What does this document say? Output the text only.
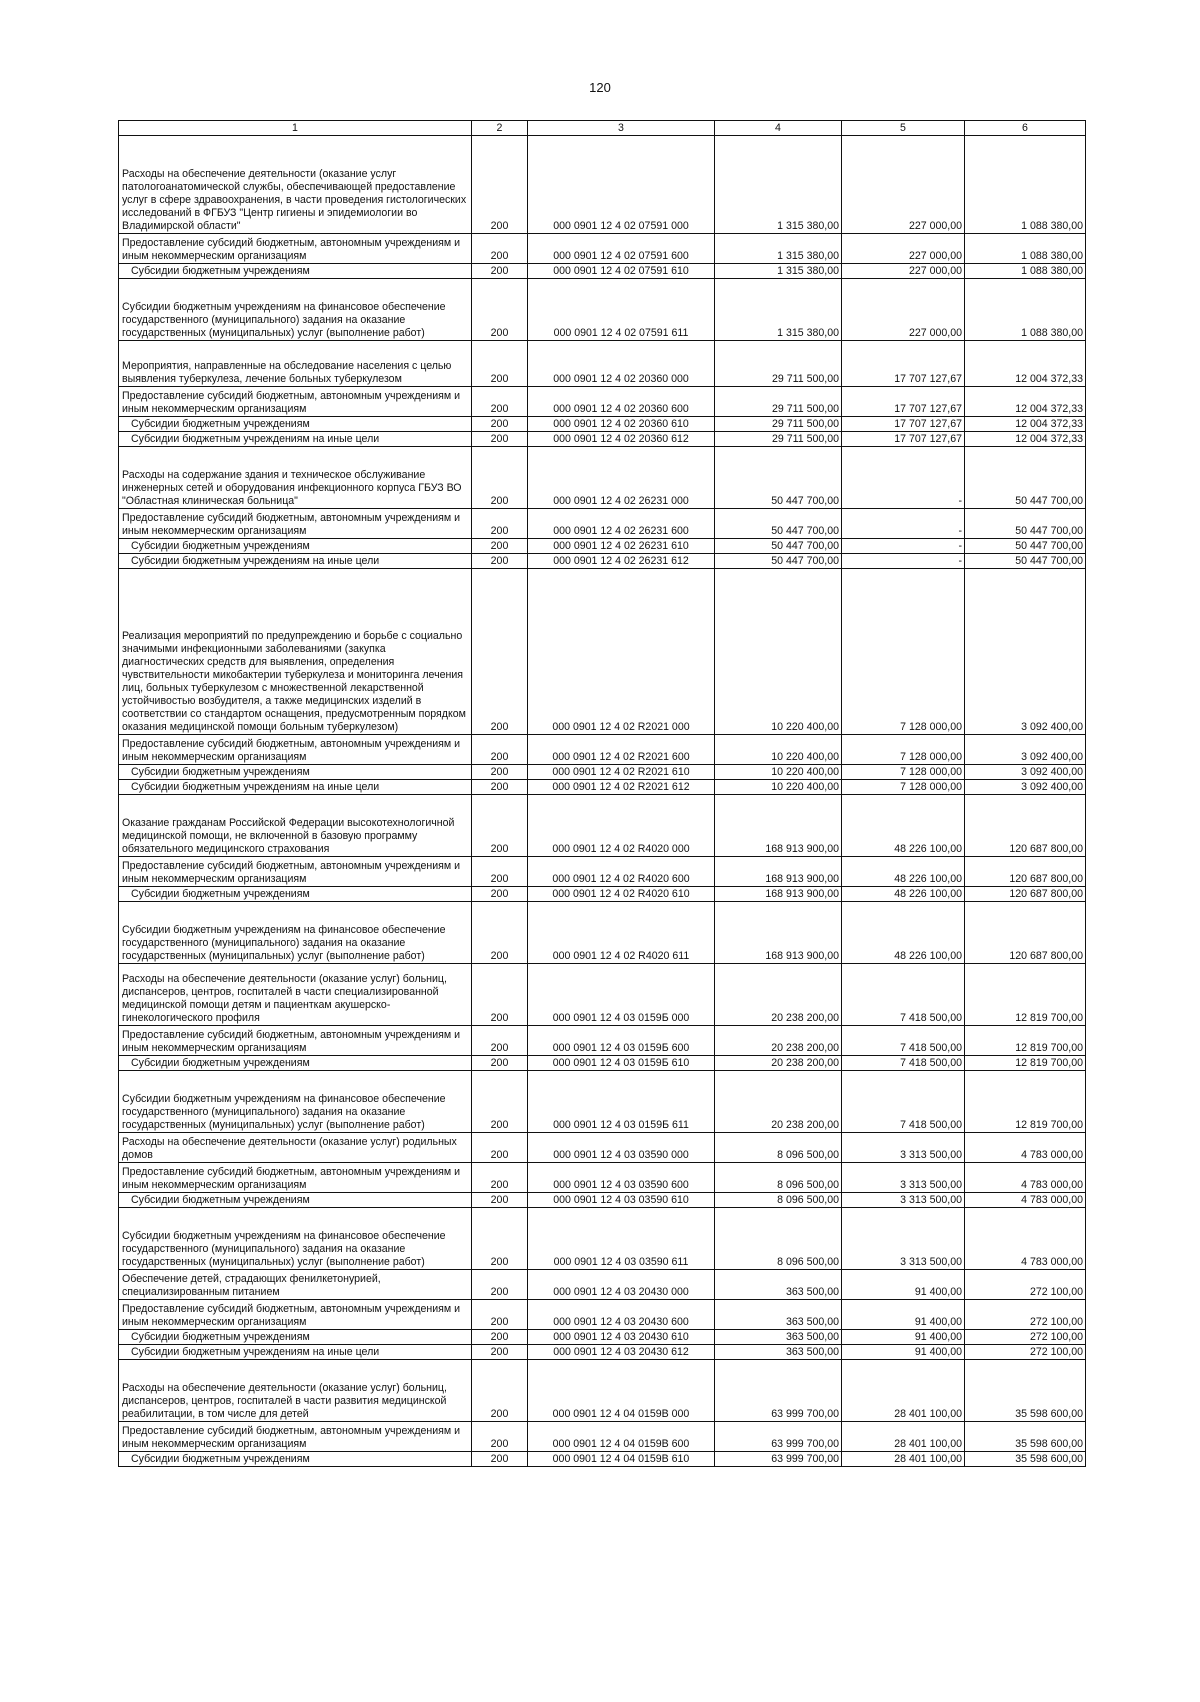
120
1	2	3	4	5	6
Расходы на обеспечение деятельности (оказание услуг патологоанатомической службы, обеспечивающей предоставление услуг в сфере здравоохранения, в части проведения гистологических исследований в ФГБУЗ "Центр гигиены и эпидемиологии во Владимирской области"	200	000 0901 12 4 02 07591 000	1 315 380,00	227 000,00	1 088 380,00
Предоставление субсидий бюджетным, автономным учреждениям и иным некоммерческим организациям	200	000 0901 12 4 02 07591 600	1 315 380,00	227 000,00	1 088 380,00
Субсидии бюджетным учреждениям	200	000 0901 12 4 02 07591 610	1 315 380,00	227 000,00	1 088 380,00
Субсидии бюджетным учреждениям на финансовое обеспечение государственного (муниципального) задания на оказание государственных (муниципальных) услуг (выполнение работ)	200	000 0901 12 4 02 07591 611	1 315 380,00	227 000,00	1 088 380,00
Мероприятия, направленные на обследование населения с целью выявления туберкулеза, лечение больных туберкулезом	200	000 0901 12 4 02 20360 000	29 711 500,00	17 707 127,67	12 004 372,33
Предоставление субсидий бюджетным, автономным учреждениям и иным некоммерческим организациям	200	000 0901 12 4 02 20360 600	29 711 500,00	17 707 127,67	12 004 372,33
Субсидии бюджетным учреждениям	200	000 0901 12 4 02 20360 610	29 711 500,00	17 707 127,67	12 004 372,33
Субсидии бюджетным учреждениям на иные цели	200	000 0901 12 4 02 20360 612	29 711 500,00	17 707 127,67	12 004 372,33
Расходы на содержание здания и техническое обслуживание инженерных сетей и оборудования инфекционного корпуса ГБУЗ ВО "Областная клиническая больница"	200	000 0901 12 4 02 26231 000	50 447 700,00	-	50 447 700,00
Предоставление субсидий бюджетным, автономным учреждениям и иным некоммерческим организациям	200	000 0901 12 4 02 26231 600	50 447 700,00	-	50 447 700,00
Субсидии бюджетным учреждениям	200	000 0901 12 4 02 26231 610	50 447 700,00	-	50 447 700,00
Субсидии бюджетным учреждениям на иные цели	200	000 0901 12 4 02 26231 612	50 447 700,00	-	50 447 700,00
Реализация мероприятий по предупреждению и борьбе с социально значимыми инфекционными заболеваниями (закупка диагностических средств для выявления, определения чувствительности микобактерии туберкулеза и мониторинга лечения лиц, больных туберкулезом с множественной лекарственной устойчивостью возбудителя, а также медицинских изделий в соответствии со стандартом оснащения, предусмотренным порядком оказания медицинской помощи больным туберкулезом)	200	000 0901 12 4 02 R2021 000	10 220 400,00	7 128 000,00	3 092 400,00
Предоставление субсидий бюджетным, автономным учреждениям и иным некоммерческим организациям	200	000 0901 12 4 02 R2021 600	10 220 400,00	7 128 000,00	3 092 400,00
Субсидии бюджетным учреждениям	200	000 0901 12 4 02 R2021 610	10 220 400,00	7 128 000,00	3 092 400,00
Субсидии бюджетным учреждениям на иные цели	200	000 0901 12 4 02 R2021 612	10 220 400,00	7 128 000,00	3 092 400,00
Оказание гражданам Российской Федерации высокотехнологичной медицинской помощи, не включенной в базовую программу обязательного медицинского страхования	200	000 0901 12 4 02 R4020 000	168 913 900,00	48 226 100,00	120 687 800,00
Предоставление субсидий бюджетным, автономным учреждениям и иным некоммерческим организациям	200	000 0901 12 4 02 R4020 600	168 913 900,00	48 226 100,00	120 687 800,00
Субсидии бюджетным учреждениям	200	000 0901 12 4 02 R4020 610	168 913 900,00	48 226 100,00	120 687 800,00
Субсидии бюджетным учреждениям на финансовое обеспечение государственного (муниципального) задания на оказание государственных (муниципальных) услуг (выполнение работ)	200	000 0901 12 4 02 R4020 611	168 913 900,00	48 226 100,00	120 687 800,00
Расходы на обеспечение деятельности (оказание услуг) больниц, диспансеров, центров, госпиталей в части специализированной медицинской помощи детям и пациенткам акушерско-гинекологического профиля	200	000 0901 12 4 03 0159Б 000	20 238 200,00	7 418 500,00	12 819 700,00
Предоставление субсидий бюджетным, автономным учреждениям и иным некоммерческим организациям	200	000 0901 12 4 03 0159Б 600	20 238 200,00	7 418 500,00	12 819 700,00
Субсидии бюджетным учреждениям	200	000 0901 12 4 03 0159Б 610	20 238 200,00	7 418 500,00	12 819 700,00
Субсидии бюджетным учреждениям на финансовое обеспечение государственного (муниципального) задания на оказание государственных (муниципальных) услуг (выполнение работ)	200	000 0901 12 4 03 0159Б 611	20 238 200,00	7 418 500,00	12 819 700,00
Расходы на обеспечение деятельности (оказание услуг) родильных домов	200	000 0901 12 4 03 03590 000	8 096 500,00	3 313 500,00	4 783 000,00
Предоставление субсидий бюджетным, автономным учреждениям и иным некоммерческим организациям	200	000 0901 12 4 03 03590 600	8 096 500,00	3 313 500,00	4 783 000,00
Субсидии бюджетным учреждениям	200	000 0901 12 4 03 03590 610	8 096 500,00	3 313 500,00	4 783 000,00
Субсидии бюджетным учреждениям на финансовое обеспечение государственного (муниципального) задания на оказание государственных (муниципальных) услуг (выполнение работ)	200	000 0901 12 4 03 03590 611	8 096 500,00	3 313 500,00	4 783 000,00
Обеспечение детей, страдающих фенилкетонурией, специализированным питанием	200	000 0901 12 4 03 20430 000	363 500,00	91 400,00	272 100,00
Предоставление субсидий бюджетным, автономным учреждениям и иным некоммерческим организациям	200	000 0901 12 4 03 20430 600	363 500,00	91 400,00	272 100,00
Субсидии бюджетным учреждениям	200	000 0901 12 4 03 20430 610	363 500,00	91 400,00	272 100,00
Субсидии бюджетным учреждениям на иные цели	200	000 0901 12 4 03 20430 612	363 500,00	91 400,00	272 100,00
Расходы на обеспечение деятельности (оказание услуг) больниц, диспансеров, центров, госпиталей в части развития медицинской реабилитации, в том числе для детей	200	000 0901 12 4 04 0159В 000	63 999 700,00	28 401 100,00	35 598 600,00
Предоставление субсидий бюджетным, автономным учреждениям и иным некоммерческим организациям	200	000 0901 12 4 04 0159В 600	63 999 700,00	28 401 100,00	35 598 600,00
Субсидии бюджетным учреждениям	200	000 0901 12 4 04 0159В 610	63 999 700,00	28 401 100,00	35 598 600,00
